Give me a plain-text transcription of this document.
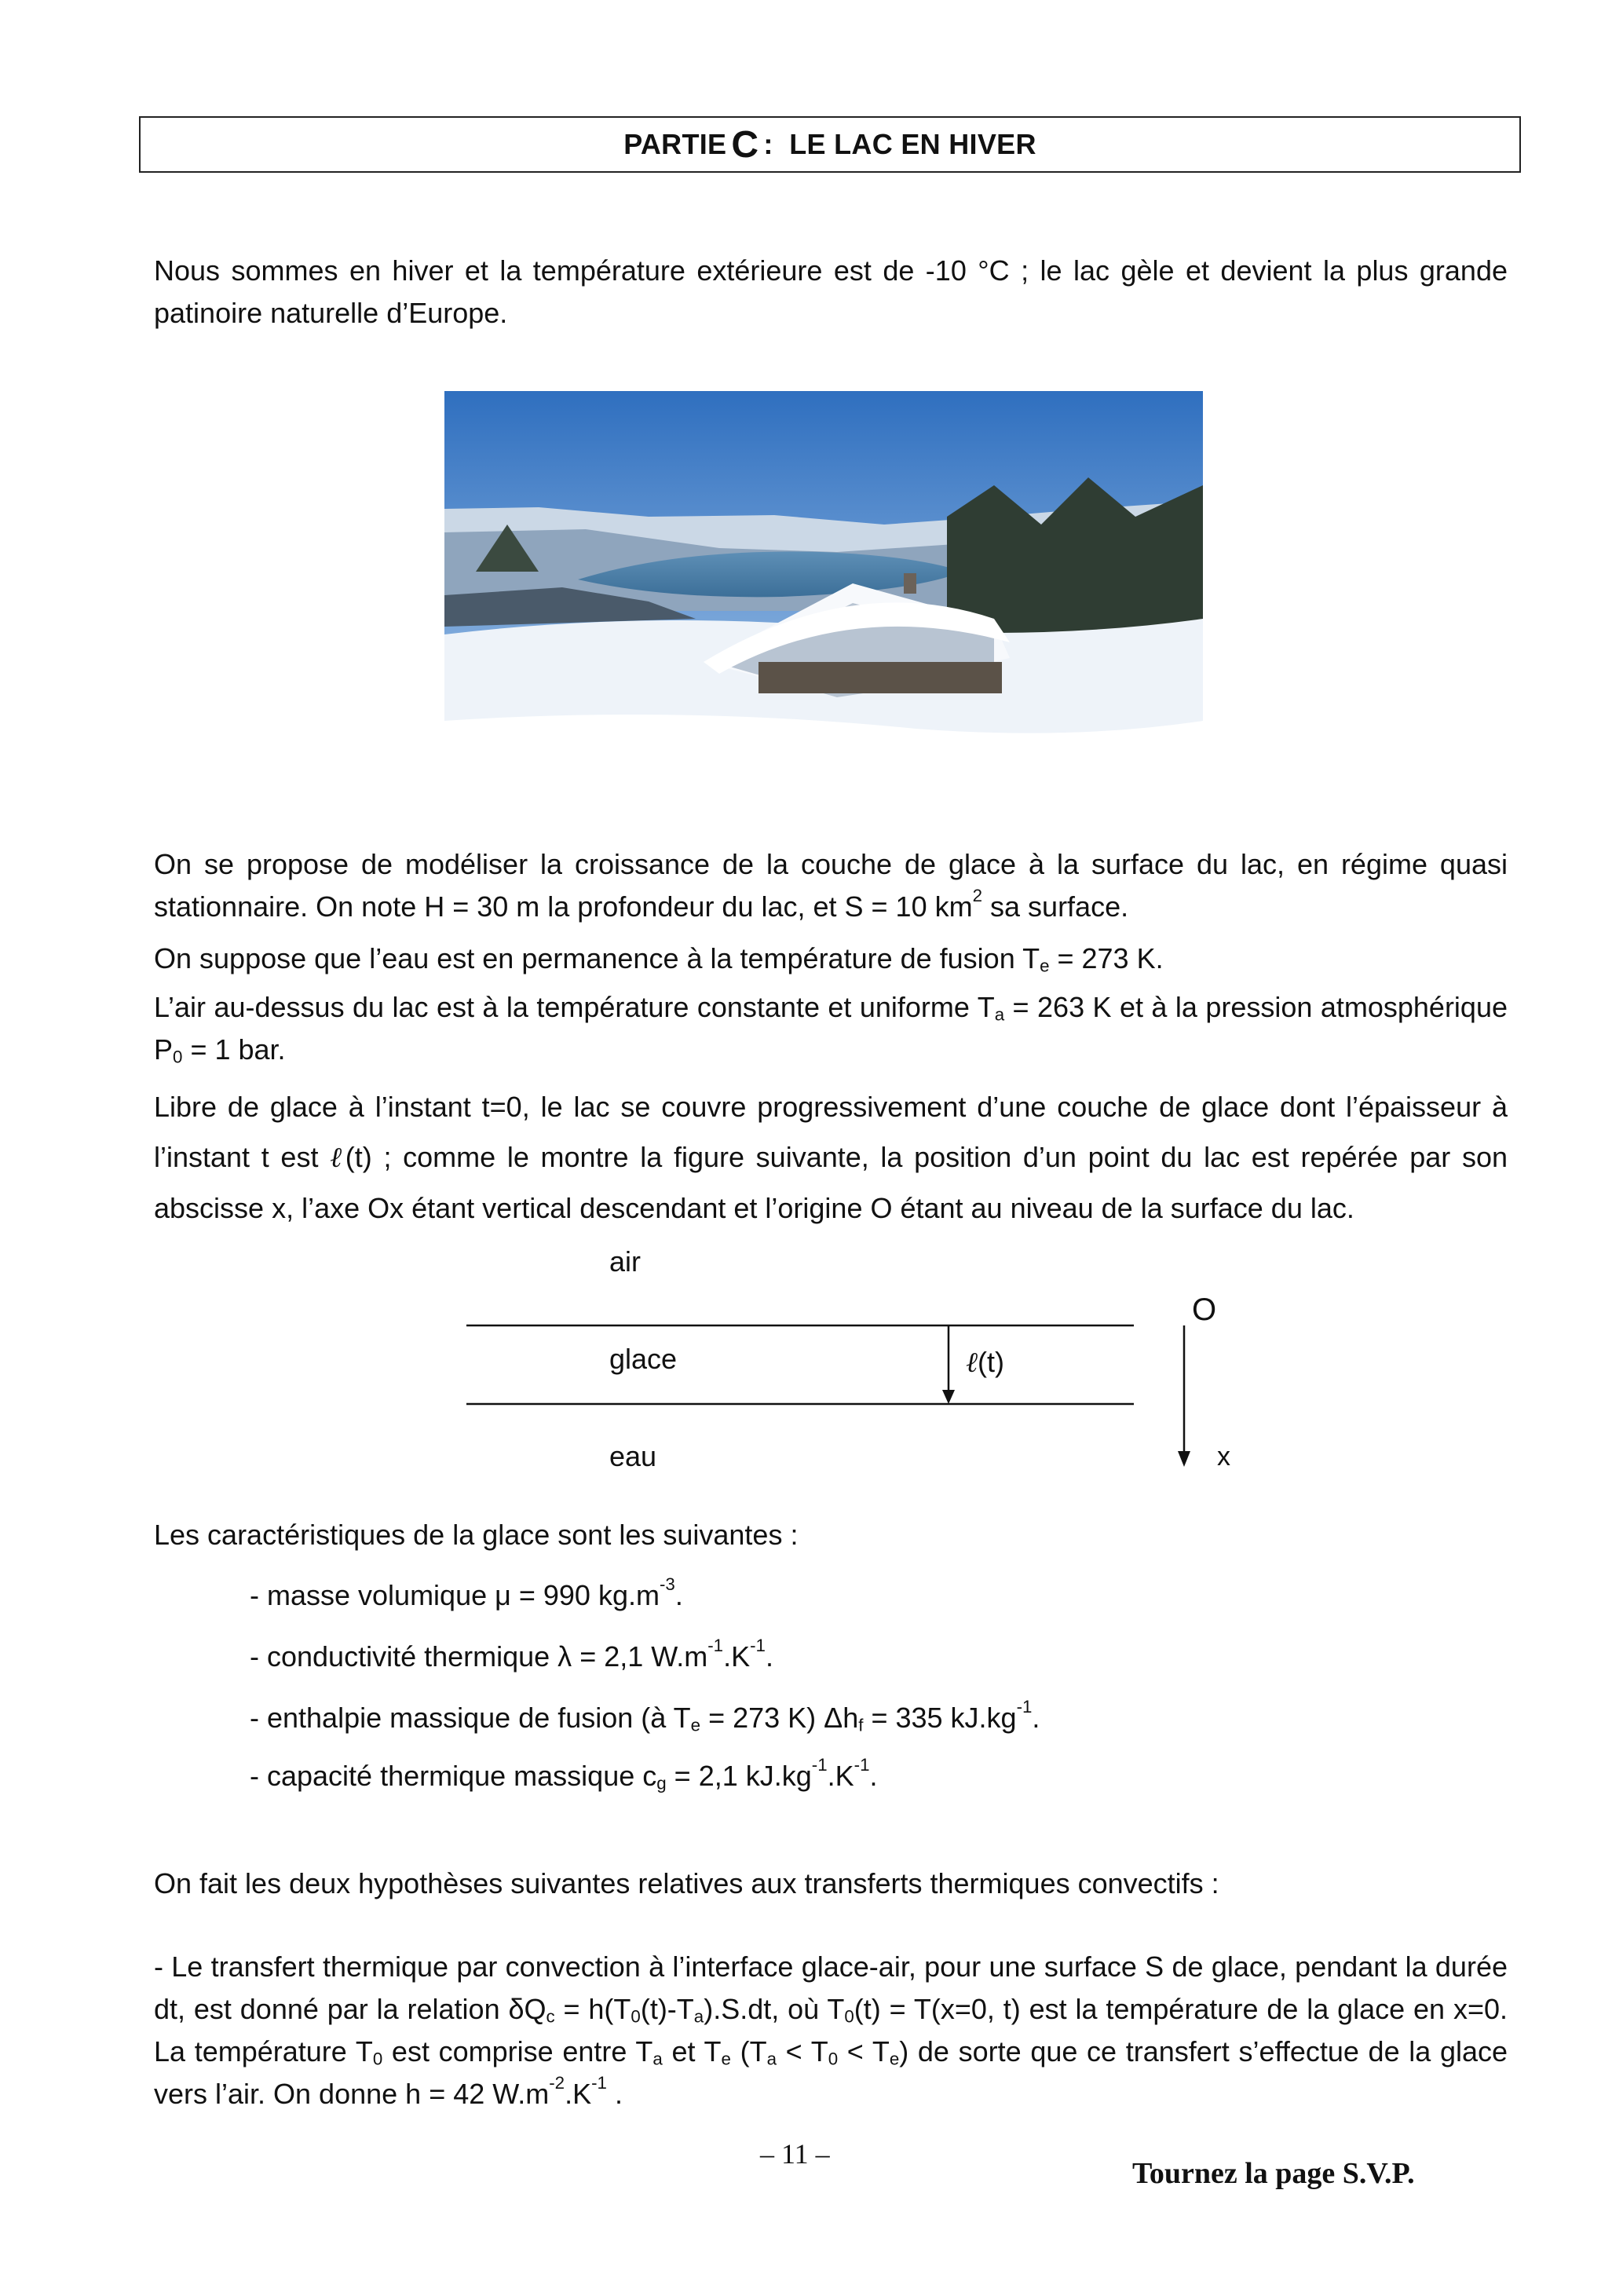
PARTIE C :  LE LAC EN HIVER
Nous sommes en hiver et la température extérieure est de -10 °C ; le lac gèle et devient la plus grande patinoire naturelle d’Europe.
On se propose de modéliser la croissance de la couche de glace à la surface du lac, en régime quasi stationnaire. On note H = 30 m la profondeur du lac, et S = 10 $km^2$ sa surface.
On suppose que l’eau est en permanence à la température de fusion $T_e = 273$ K.
L’air au-dessus du lac est à la température constante et uniforme $T_a = 263$ K et à la pression atmosphérique $P_0 = 1$ bar.
Libre de glace à l’instant t=0, le lac se couvre progressivement d’une couche de glace dont l’épaisseur à l’instant t est ℓ(t) ; comme le montre la figure suivante, la position d’un point du lac est repérée par son abscisse x, l’axe Ox étant vertical descendant et l’origine O étant au niveau de la surface du lac.
air
glace
eau
ℓ(t)
O
x
Les caractéristiques de la glace sont les suivantes :
- masse volumique μ = 990 $kg.m^{-3}$.
- conductivité thermique λ = 2,1 $W.m^{-1}.K^{-1}$.
- enthalpie massique de fusion (à $T_e = 273$ K) $\Delta h_f = 335$ $kJ.kg^{-1}$.
- capacité thermique massique $c_g = 2,1$ $kJ.kg^{-1}.K^{-1}$.
On fait les deux hypothèses suivantes relatives aux transferts thermiques convectifs :
- Le transfert thermique par convection à l’interface glace-air, pour une surface S de glace, pendant la durée dt, est donné par la relation $\delta Q_c = h(T_0(t)-T_a).S.dt$, où $T_0(t) = T(x=0$, t) est la température de la glace en x=0. La température $T_0$ est comprise entre $T_a$ et $T_e$ $(T_a < T_0 < T_e)$ de sorte que ce transfert s’effectue de la glace vers l’air. On donne h = 42 $W.m^{-2}.K^{-1}$ .
– 11 –
Tournez la page S.V.P.
